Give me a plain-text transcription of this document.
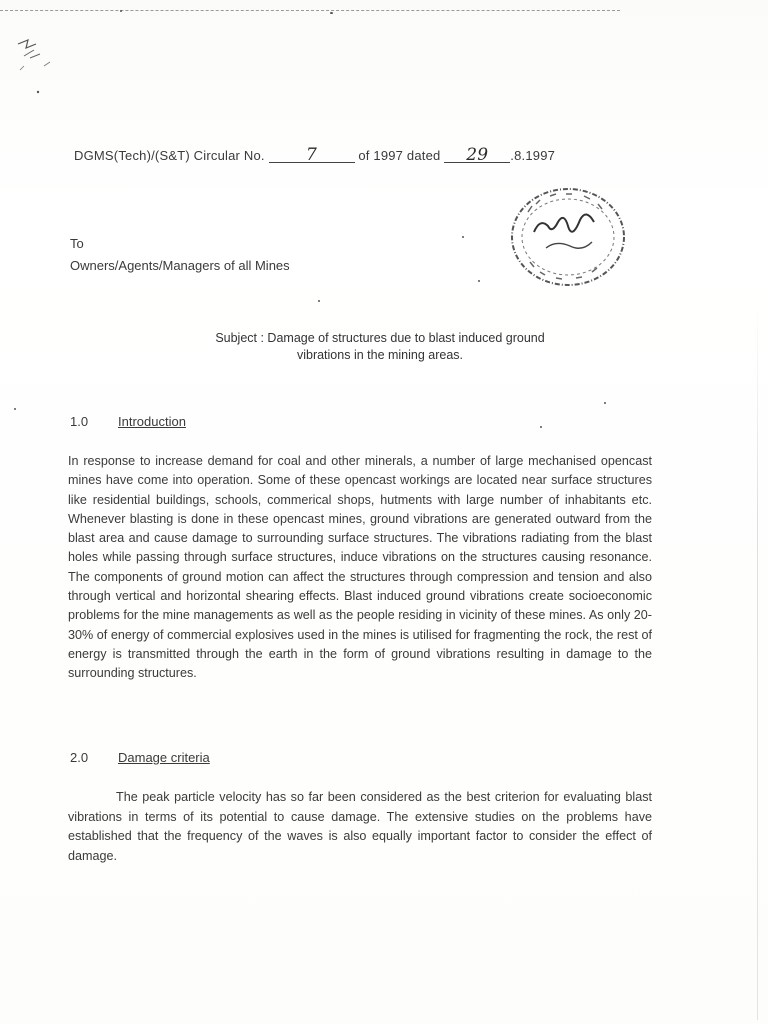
DGMS(Tech)/(S&T) Circular No. 7	of 1997 dated 29 .8.1997
To
Owners/Agents/Managers of all Mines
Subject : Damage of structures due to blast induced ground
vibrations in the mining areas.
1.0 Introduction
In response to increase demand for coal and other minerals, a number of large mechanised opencast mines have come into operation. Some of these opencast workings are located near surface structures like residential buildings, schools, commerical shops, hutments with large number of inhabitants etc. Whenever blasting is done in these opencast mines, ground vibrations are generated outward from the blast area and cause damage to surrounding surface structures. The vibrations radiating from the blast holes while passing through surface structures, induce vibrations on the structures causing resonance. The components of ground motion can affect the structures through compression and tension and also through vertical and horizontal shearing effects. Blast induced ground vibrations create socioeconomic problems for the mine managements as well as the people residing in vicinity of these mines. As only 20-30% of energy of commercial explosives used in the mines is utilised for fragmenting the rock, the rest of energy is transmitted through the earth in the form of ground vibrations resulting in damage to the surrounding structures.
2.0 Damage criteria
The peak particle velocity has so far been considered as the best criterion for evaluating blast vibrations in terms of its potential to cause damage. The extensive studies on the problems have established that the frequency of the waves is also equally important factor to consider the effect of damage.
